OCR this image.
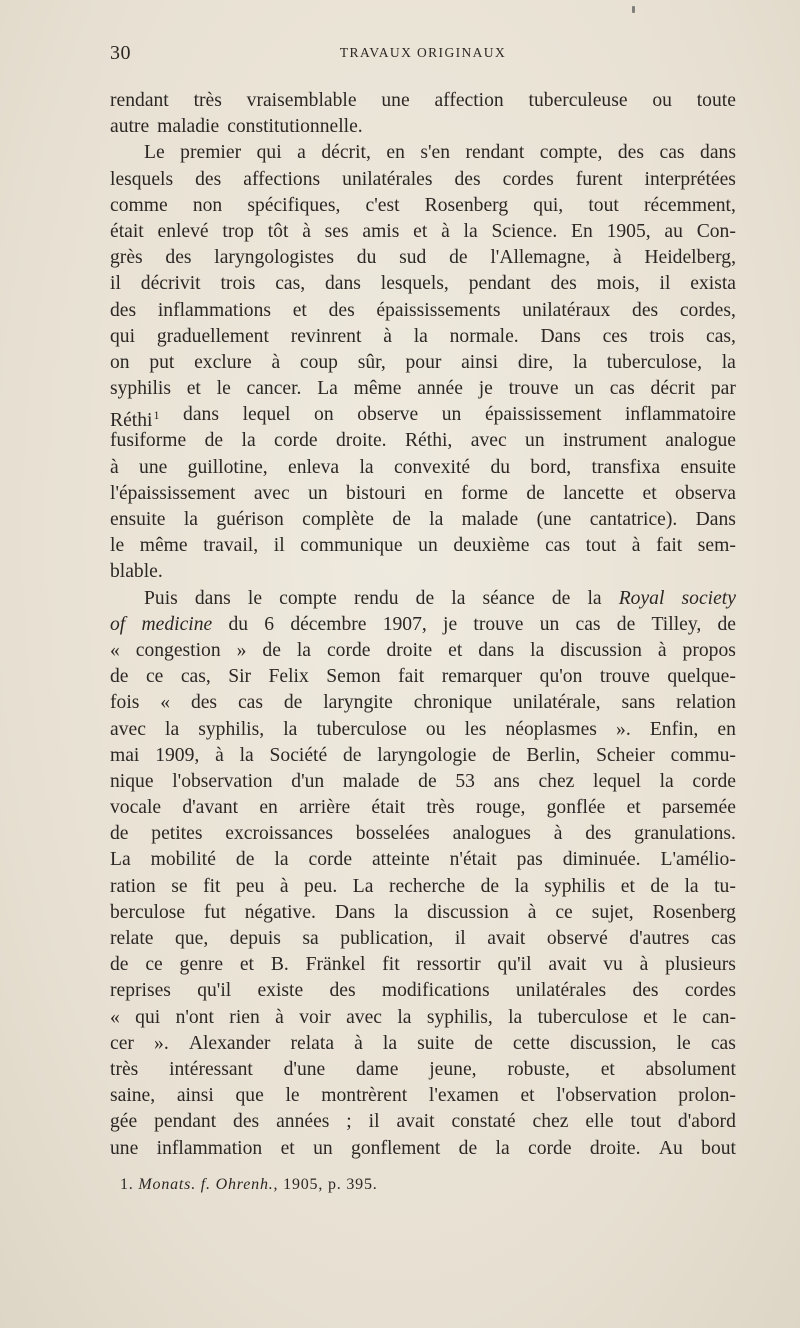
30	TRAVAUX ORIGINAUX
rendant très vraisemblable une affection tuberculeuse ou toute
autre maladie constitutionnelle.
Le premier qui a décrit, en s'en rendant compte, des cas dans
lesquels des affections unilatérales des cordes furent interprétées
comme non spécifiques, c'est Rosenberg qui, tout récemment,
était enlevé trop tôt à ses amis et à la Science. En 1905, au Con-
grès des laryngologistes du sud de l'Allemagne, à Heidelberg,
il décrivit trois cas, dans lesquels, pendant des mois, il exista
des inflammations et des épaississements unilatéraux des cordes,
qui graduellement revinrent à la normale. Dans ces trois cas,
on put exclure à coup sûr, pour ainsi dire, la tuberculose, la
syphilis et le cancer. La même année je trouve un cas décrit par
Réthi$^1$ dans lequel on observe un épaississement inflammatoire
fusiforme de la corde droite. Réthi, avec un instrument analogue
à une guillotine, enleva la convexité du bord, transfixa ensuite
l'épaississement avec un bistouri en forme de lancette et observa
ensuite la guérison complète de la malade (une cantatrice). Dans
le même travail, il communique un deuxième cas tout à fait sem-
blable.
Puis dans le compte rendu de la séance de la Royal society
of medicine du 6 décembre 1907, je trouve un cas de Tilley, de
« congestion » de la corde droite et dans la discussion à propos
de ce cas, Sir Felix Semon fait remarquer qu'on trouve quelque-
fois « des cas de laryngite chronique unilatérale, sans relation
avec la syphilis, la tuberculose ou les néoplasmes ». Enfin, en
mai 1909, à la Société de laryngologie de Berlin, Scheier commu-
nique l'observation d'un malade de 53 ans chez lequel la corde
vocale d'avant en arrière était très rouge, gonflée et parsemée
de petites excroissances bosselées analogues à des granulations.
La mobilité de la corde atteinte n'était pas diminuée. L'amélio-
ration se fit peu à peu. La recherche de la syphilis et de la tu-
berculose fut négative. Dans la discussion à ce sujet, Rosenberg
relate que, depuis sa publication, il avait observé d'autres cas
de ce genre et B. Fränkel fit ressortir qu'il avait vu à plusieurs
reprises qu'il existe des modifications unilatérales des cordes
« qui n'ont rien à voir avec la syphilis, la tuberculose et le can-
cer ». Alexander relata à la suite de cette discussion, le cas
très intéressant d'une dame jeune, robuste, et absolument
saine, ainsi que le montrèrent l'examen et l'observation prolon-
gée pendant des années ; il avait constaté chez elle tout d'abord
une inflammation et un gonflement de la corde droite. Au bout
1. Monats. f. Ohrenh., 1905, p. 395.
